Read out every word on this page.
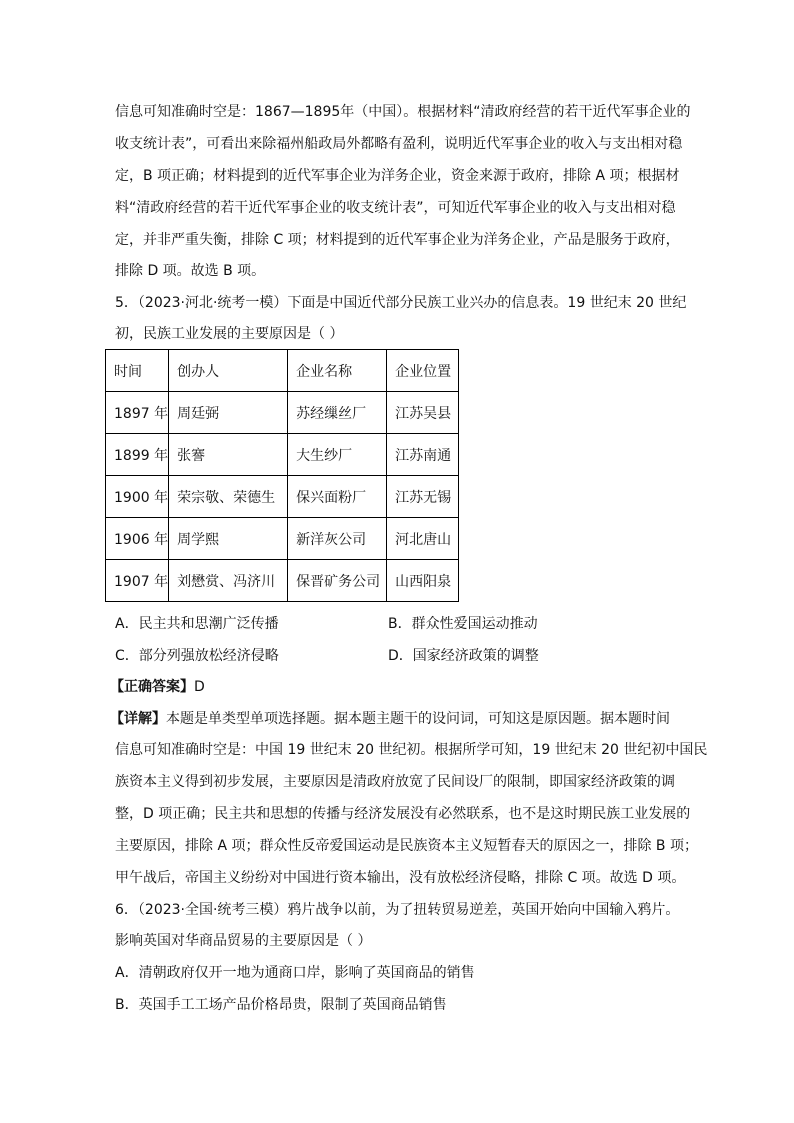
信息可知准确时空是：1867—1895年（中国）。根据材料“清政府经营的若干近代军事企业的
收支统计表”，可看出来除福州船政局外都略有盈利，说明近代军事企业的收入与支出相对稳
定，B 项正确；材料提到的近代军事企业为洋务企业，资金来源于政府，排除 A 项；根据材
料“清政府经营的若干近代军事企业的收支统计表”，可知近代军事企业的收入与支出相对稳
定，并非严重失衡，排除 C 项；材料提到的近代军事企业为洋务企业，产品是服务于政府，
排除 D 项。故选 B 项。
5．（2023·河北·统考一模）下面是中国近代部分民族工业兴办的信息表。19 世纪末 20 世纪
初，民族工业发展的主要原因是（ ）
时间	创办人	企业名称	企业位置
1897 年	周廷弼	苏经缫丝厂	江苏吴县
1899 年	张謇	大生纱厂	江苏南通
1900 年	荣宗敬、荣德生	保兴面粉厂	江苏无锡
1906 年	周学熙	新洋灰公司	河北唐山
1907 年	刘懋赏、冯济川	保晋矿务公司	山西阳泉
A．民主共和思潮广泛传播	B．群众性爱国运动推动
C．部分列强放松经济侵略	D．国家经济政策的调整
【正确答案】D
【详解】本题是单类型单项选择题。据本题主题干的设问词，可知这是原因题。据本题时间
信息可知准确时空是：中国 19 世纪末 20 世纪初。根据所学可知，19 世纪末 20 世纪初中国民
族资本主义得到初步发展，主要原因是清政府放宽了民间设厂的限制，即国家经济政策的调
整，D 项正确；民主共和思想的传播与经济发展没有必然联系，也不是这时期民族工业发展的
主要原因，排除 A 项；群众性反帝爱国运动是民族资本主义短暂春天的原因之一，排除 B 项；
甲午战后，帝国主义纷纷对中国进行资本输出，没有放松经济侵略，排除 C 项。故选 D 项。
6．（2023·全国·统考三模）鸦片战争以前，为了扭转贸易逆差，英国开始向中国输入鸦片。
影响英国对华商品贸易的主要原因是（ ）
A．清朝政府仅开一地为通商口岸，影响了英国商品的销售
B．英国手工工场产品价格昂贵，限制了英国商品销售
